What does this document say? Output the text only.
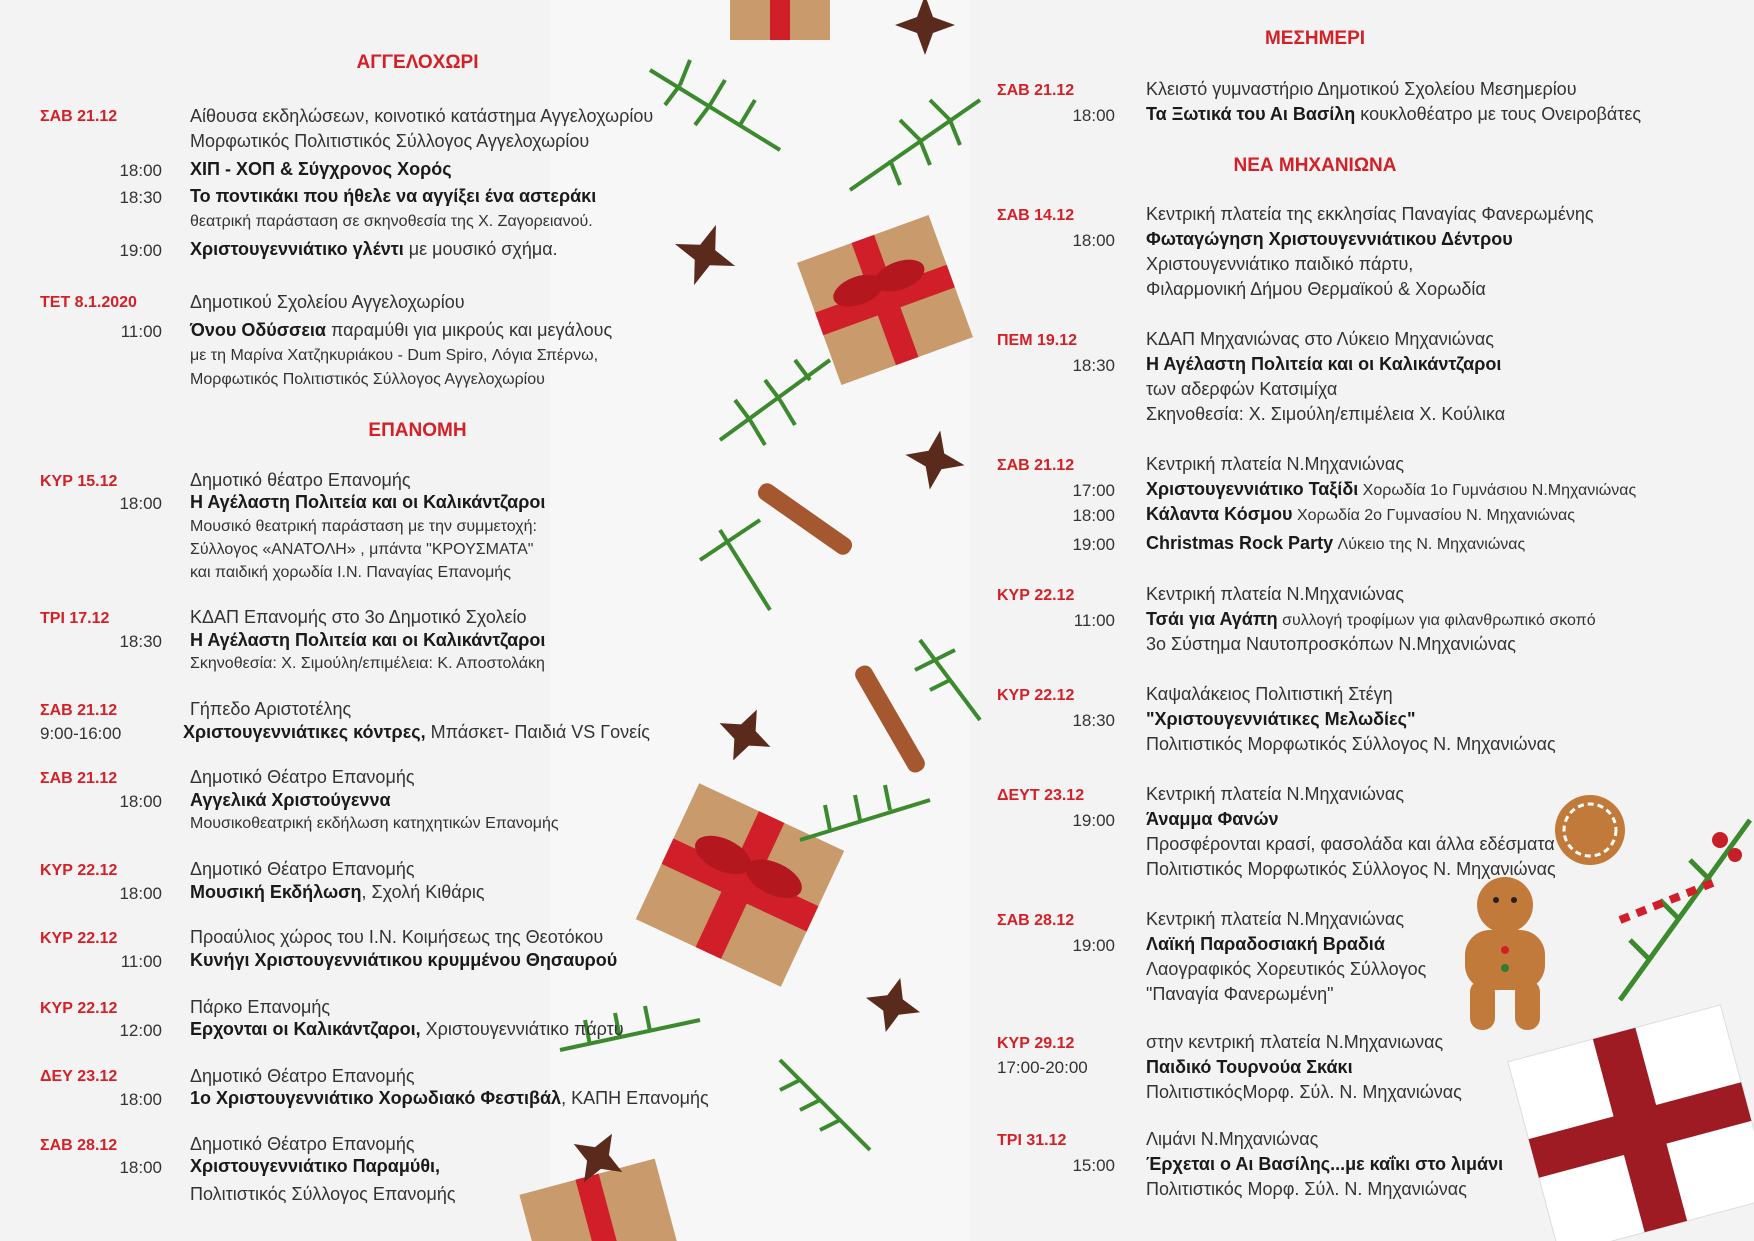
ΑΓΓΕΛΟΧΩΡΙ
ΣΑΒ 21.12	Αίθουσα εκδηλώσεων, κοινοτικό κατάστημα Αγγελοχωρίου
Μορφωτικός Πολιτιστικός Σύλλογος Αγγελοχωρίου
18:00 ΧΙΠ - ΧΟΠ & Σύγχρονος Χορός
18:30 Το ποντικάκι που ήθελε να αγγίξει ένα αστεράκι
θεατρική παράσταση σε σκηνοθεσία της Χ. Ζαγορειανού.
19:00 Χριστουγεννιάτικο γλέντι με μουσικό σχήμα.
ΤΕΤ 8.1.2020	Δημοτικού Σχολείου Αγγελοχωρίου
11:00 Όνου Οδύσσεια παραμύθι για μικρούς και μεγάλους
με τη Μαρίνα Χατζηκυριάκου - Dum Spiro, Λόγια Σπέρνω,
Μορφωτικός Πολιτιστικός Σύλλογος Αγγελοχωρίου
ΕΠΑΝΟΜΗ
ΚΥΡ 15.12	Δημοτικό θέατρο Επανομής
18:00 Η Αγέλαστη Πολιτεία και οι Καλικάντζαροι
Μουσικό θεατρική παράσταση με την συμμετοχή:
Σύλλογος «ΑΝΑΤΟΛΗ» , μπάντα "ΚΡΟΥΣΜΑΤΑ"
και παιδική χορωδία Ι.Ν. Παναγίας Επανομής
ΤΡΙ 17.12	ΚΔΑΠ Επανομής στο 3ο Δημοτικό Σχολείο
18:30 Η Αγέλαστη Πολιτεία και οι Καλικάντζαροι
Σκηνοθεσία: Χ. Σιμούλη/επιμέλεια: Κ. Αποστολάκη
ΣΑΒ 21.12	Γήπεδο Αριστοτέλης
9:00-16:00	Χριστουγεννιάτικες κόντρες, Μπάσκετ- Παιδιά VS Γονείς
ΣΑΒ 21.12	Δημοτικό Θέατρο Επανομής
18:00 Αγγελικά Χριστούγεννα
Μουσικοθεατρική εκδήλωση κατηχητικών Επανομής
ΚΥΡ 22.12	Δημοτικό Θέατρο Επανομής
18:00 Μουσική Εκδήλωση, Σχολή Κιθάρις
ΚΥΡ 22.12	Προαύλιος χώρος του Ι.Ν. Κοιμήσεως της Θεοτόκου
11:00 Κυνήγι Χριστουγεννιάτικου κρυμμένου Θησαυρού
ΚΥΡ 22.12	Πάρκο Επανομής
12:00 Ερχονται οι Καλικάντζαροι, Χριστουγεννιάτικο πάρτυ
ΔΕΥ 23.12	Δημοτικό Θέατρο Επανομής
18:00 1ο Χριστουγεννιάτικο Χορωδιακό Φεστιβάλ, ΚΑΠΗ Επανομής
ΣΑΒ 28.12	Δημοτικό Θέατρο Επανομής
18:00 Χριστουγεννιάτικο Παραμύθι,
Πολιτιστικός Σύλλογος Επανομής
ΜΕΣΗΜΕΡΙ
ΣΑΒ 21.12	Κλειστό γυμναστήριο Δημοτικού Σχολείου Μεσημερίου
18:00 Τα Ξωτικά του Αι Βασίλη κουκλοθέατρο με τους Ονειροβάτες
ΝΕΑ ΜΗΧΑΝΙΩΝΑ
ΣΑΒ 14.12	Κεντρική πλατεία της εκκλησίας Παναγίας Φανερωμένης
18:00 Φωταγώγηση Χριστουγεννιάτικου Δέντρου
Χριστουγεννιάτικο παιδικό πάρτυ,
Φιλαρμονική Δήμου Θερμαϊκού & Χορωδία
ΠΕΜ 19.12	ΚΔΑΠ Μηχανιώνας στο Λύκειο Μηχανιώνας
18:30 Η Αγέλαστη Πολιτεία και οι Καλικάντζαροι
των αδερφών Κατσιμίχα
Σκηνοθεσία: Χ. Σιμούλη/επιμέλεια Χ. Κούλικα
ΣΑΒ 21.12	Κεντρική πλατεία Ν.Μηχανιώνας
17:00 Χριστουγεννιάτικο Ταξίδι Χορωδία 1ο Γυμνάσιου Ν.Μηχανιώνας
18:00 Κάλαντα Κόσμου Χορωδία 2ο Γυμνασίου Ν. Μηχανιώνας
19:00 Christmas Rock Party Λύκειο της Ν. Μηχανιώνας
ΚΥΡ 22.12	Κεντρική πλατεία Ν.Μηχανιώνας
11:00 Τσάι για Αγάπη συλλογή τροφίμων για φιλανθρωπικό σκοπό
3ο Σύστημα Ναυτοπροσκόπων Ν.Μηχανιώνας
ΚΥΡ 22.12	Καψαλάκειος Πολιτιστική Στέγη
18:30 "Χριστουγεννιάτικες Μελωδίες"
Πολιτιστικός Μορφωτικός Σύλλογος Ν. Μηχανιώνας
ΔΕΥΤ 23.12	Κεντρική πλατεία Ν.Μηχανιώνας
19:00 Άναμμα Φανών
Προσφέρονται κρασί, φασολάδα και άλλα εδέσματα
Πολιτιστικός Μορφωτικός Σύλλογος Ν. Μηχανιώνας
ΣΑΒ 28.12	Κεντρική πλατεία Ν.Μηχανιώνας
19:00 Λαϊκή Παραδοσιακή Βραδιά
Λαογραφικός Χορευτικός Σύλλογος
"Παναγία Φανερωμένη"
ΚΥΡ 29.12	στην κεντρική πλατεία Ν.Μηχανιωνας
17:00-20:00	Παιδικό Τουρνούα Σκάκι
ΠολιτιστικόςΜορφ. Σύλ. Ν. Μηχανιώνας
ΤΡΙ 31.12	Λιμάνι Ν.Μηχανιώνας
15:00 Έρχεται ο Αι Βασίλης...με καΐκι στο λιμάνι
Πολιτιστικός Μορφ. Σύλ. Ν. Μηχανιώνας
